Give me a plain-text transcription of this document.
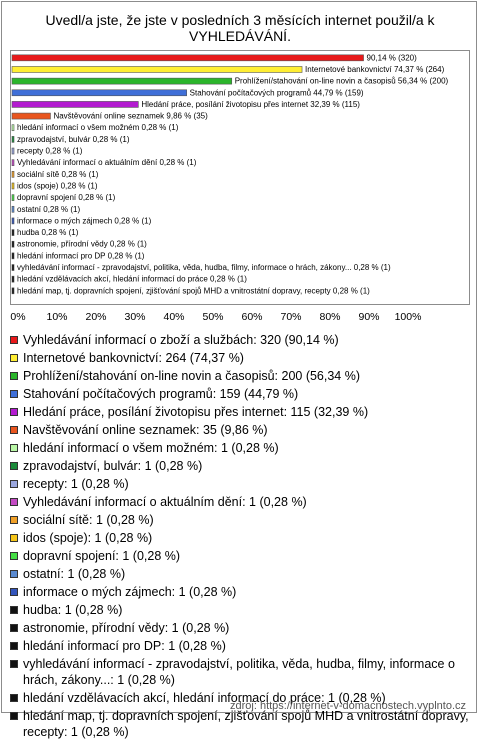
Uvedl/a jste, že jste v posledních 3 měsících internet použil/a k VYHLEDÁVÁNÍ.
Vyhledávání informací o zboží a službách: 320 (90,14 %)
Internetové bankovnictví: 264 (74,37 %)
Prohlížení/stahování on-line novin a časopisů: 200 (56,34 %)
Stahování počítačových programů: 159 (44,79 %)
Hledání práce, posílání životopisu přes internet: 115 (32,39 %)
Navštěvování online seznamek: 35 (9,86 %)
hledání informací o všem možném: 1 (0,28 %)
zpravodajství, bulvár: 1 (0,28 %)
recepty: 1 (0,28 %)
Vyhledávání informací o aktuálním dění: 1 (0,28 %)
sociální sítě: 1 (0,28 %)
idos (spoje): 1 (0,28 %)
dopravní spojení: 1 (0,28 %)
ostatní: 1 (0,28 %)
informace o mých zájmech: 1 (0,28 %)
hudba: 1 (0,28 %)
astronomie, přírodní vědy: 1 (0,28 %)
hledání informací pro DP: 1 (0,28 %)
vyhledávání informací - zpravodajství, politika, věda, hudba, filmy, informace o hrách, zákony...: 1 (0,28 %)
hledání vzdělávacích akcí, hledání informací do práce: 1 (0,28 %)
hledání map, tj. dopravních spojení, zjišťování spojů MHD a vnitrostátní dopravy, recepty: 1 (0,28 %)
zdroj: https://internet-v-domacnostech.vyplnto.cz
90,14 % (320)
Internetové bankovnictví 74,37 % (264)
Prohlížení/stahování on-line novin a časopisů 56,34 % (200)
Stahování počítačových programů 44,79 % (159)
Hledání práce, posílání životopisu přes internet 32,39 % (115)
Navštěvování online seznamek 9,86 % (35)
hledání informací o všem možném 0,28 % (1)
zpravodajství, bulvár 0,28 % (1)
recepty 0,28 % (1)
Vyhledávání informací o aktuálním dění 0,28 % (1)
sociální sítě 0,28 % (1)
idos (spoje) 0,28 % (1)
dopravní spojení 0,28 % (1)
ostatní 0,28 % (1)
informace o mých zájmech 0,28 % (1)
hudba 0,28 % (1)
astronomie, přírodní vědy 0,28 % (1)
hledání informací pro DP 0,28 % (1)
vyhledávání informací - zpravodajství, politika, věda, hudba, filmy, informace o hrách, zákony... 0,28 % (1)
hledání vzdělávacích akcí, hledání informací do práce 0,28 % (1)
hledání map, tj. dopravních spojení, zjišťování spojů MHD a vnitrostátní dopravy, recepty 0,28 % (1)
0% 10% 20% 30% 40% 50% 60% 70% 80% 90% 100%
